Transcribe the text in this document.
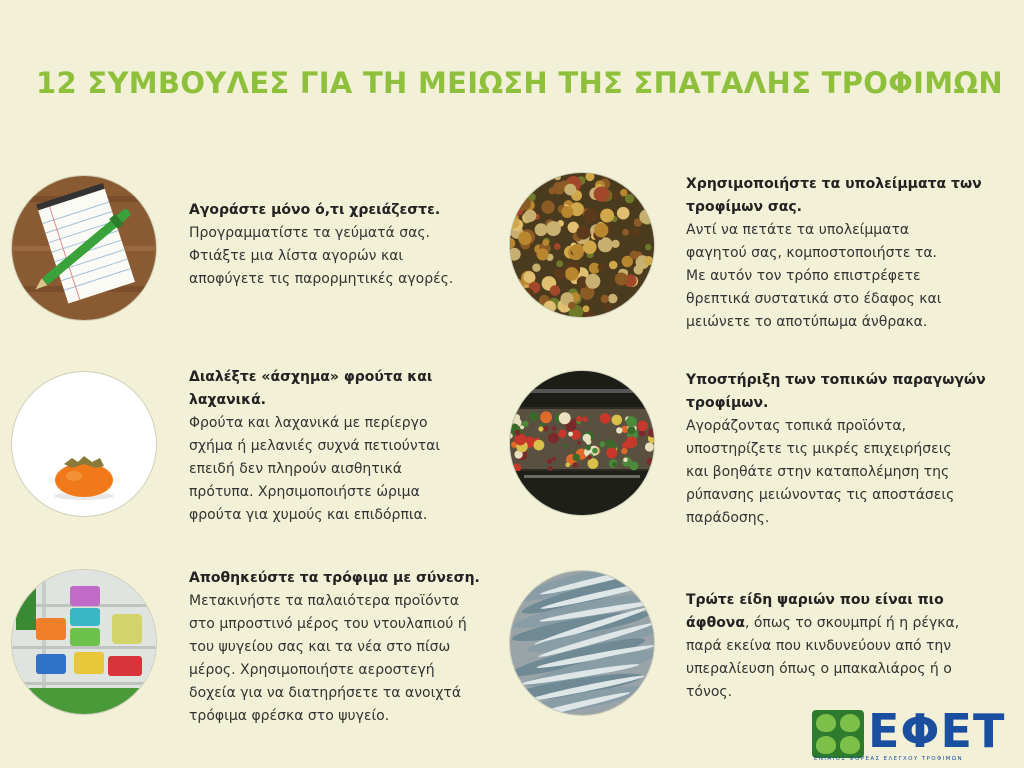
12 ΣΥΜΒΟΥΛΕΣ ΓΙΑ ΤΗ ΜΕΙΩΣΗ ΤΗΣ ΣΠΑΤΑΛΗΣ ΤΡΟΦΙΜΩΝ
Αγοράστε μόνο ό,τι χρειάζεστε.
Προγραμματίστε τα γεύματά σας.
Φτιάξτε μια λίστα αγορών και
αποφύγετε τις παρορμητικές αγορές.
Χρησιμοποιήστε τα υπολείμματα των
τροφίμων σας.
Αντί να πετάτε τα υπολείμματα
φαγητού σας, κομποστοποιήστε τα.
Με αυτόν τον τρόπο επιστρέφετε
θρεπτικά συστατικά στο έδαφος και
μειώνετε το αποτύπωμα άνθρακα.
Διαλέξτε «άσχημα» φρούτα και
λαχανικά.
Φρούτα και λαχανικά με περίεργο
σχήμα ή μελανιές συχνά πετιούνται
επειδή δεν πληρούν αισθητικά
πρότυπα. Χρησιμοποιήστε ώριμα
φρούτα για χυμούς και επιδόρπια.
Υποστήριξη των τοπικών παραγωγών
τροφίμων.
Αγοράζοντας τοπικά προϊόντα,
υποστηρίζετε τις μικρές επιχειρήσεις
και βοηθάτε στην καταπολέμηση της
ρύπανσης μειώνοντας τις αποστάσεις
παράδοσης.
Αποθηκεύστε τα τρόφιμα με σύνεση.
Μετακινήστε τα παλαιότερα προϊόντα
στο μπροστινό μέρος του ντουλαπιού ή
του ψυγείου σας και τα νέα στο πίσω
μέρος. Χρησιμοποιήστε αεροστεγή
δοχεία για να διατηρήσετε τα ανοιχτά
τρόφιμα φρέσκα στο ψυγείο.
Τρώτε είδη ψαριών που είναι πιο
άφθονα, όπως το σκουμπρί ή η ρέγκα,
παρά εκείνα που κινδυνεύουν από την
υπεραλίευση όπως ο μπακαλιάρος ή ο
τόνος.
ΕΦΕΤ
ΕΝΙΑΙΟΣ ΦΟΡΕΑΣ ΕΛΕΓΧΟΥ ΤΡΟΦΙΜΩΝ
